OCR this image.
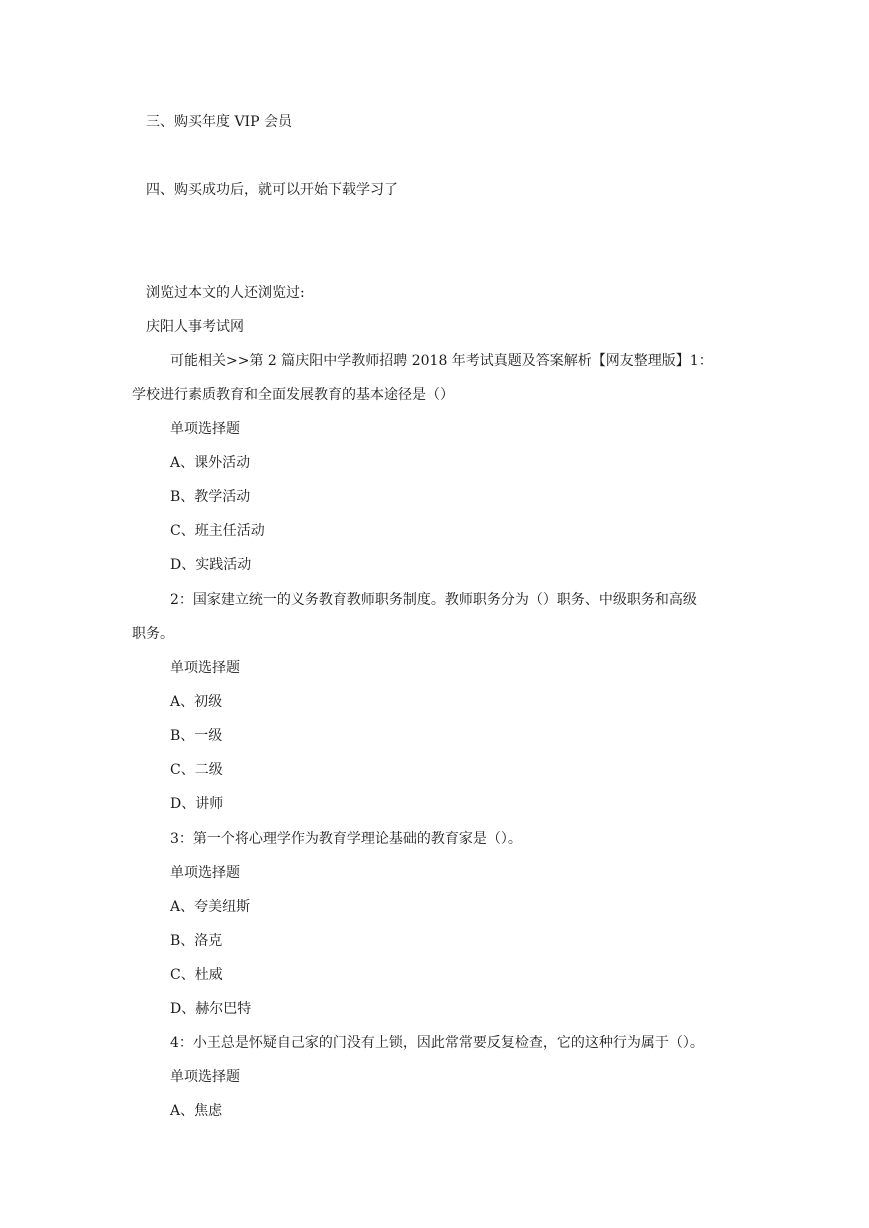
三、购买年度 VIP 会员
四、购买成功后，就可以开始下载学习了
浏览过本文的人还浏览过:
庆阳人事考试网
可能相关>>第 2 篇庆阳中学教师招聘 2018 年考试真题及答案解析【网友整理版】1：
学校进行素质教育和全面发展教育的基本途径是（）
单项选择题
A、课外活动
B、教学活动
C、班主任活动
D、实践活动
2：国家建立统一的义务教育教师职务制度。教师职务分为（）职务、中级职务和高级
职务。
单项选择题
A、初级
B、一级
C、二级
D、讲师
3：第一个将心理学作为教育学理论基础的教育家是（）。
单项选择题
A、夸美纽斯
B、洛克
C、杜威
D、赫尔巴特
4：小王总是怀疑自己家的门没有上锁，因此常常要反复检查，它的这种行为属于（）。
单项选择题
A、焦虑
